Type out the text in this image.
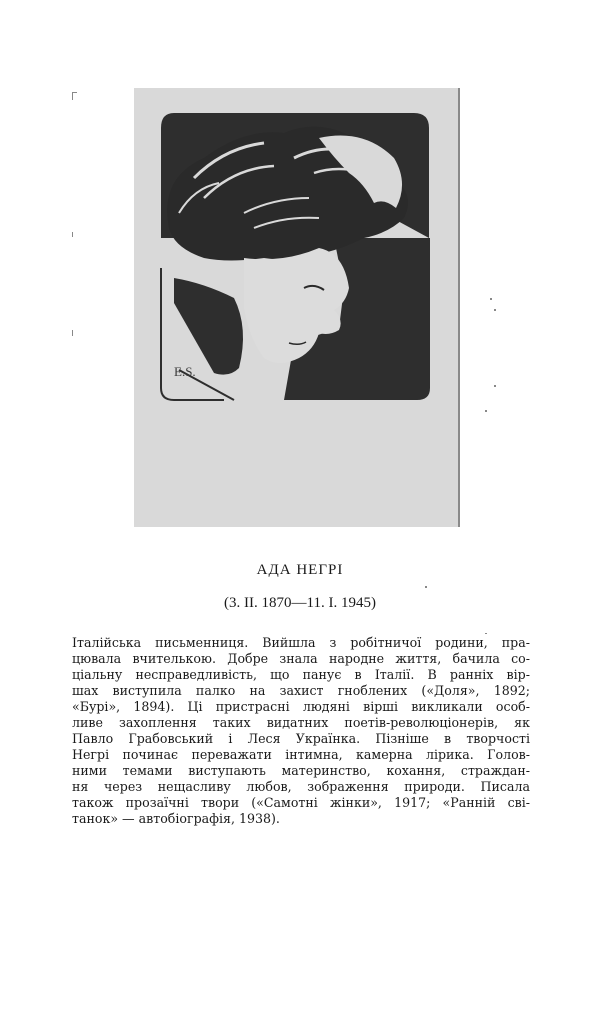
E.S.
АДА НЕГРІ
(3. II. 1870—11. I. 1945)
Італійська письменниця. Вийшла з робітничої родини, пра-
цювала вчителькою. Добре знала народне життя, бачила со-
ціальну несправедливість, що панує в Італії. В ранніх вір-
шах виступила палко на захист гноблених («Доля», 1892;
«Бурі», 1894). Ці пристрасні людяні вірші викликали особ-
ливе захоплення таких видатних поетів-революціонерів, як
Павло Грабовський і Леся Українка. Пізніше в творчості
Негрі починає переважати інтимна, камерна лірика. Голов-
ними темами виступають материнство, кохання, страждан-
ня через нещасливу любов, зображення природи. Писала
також прозаїчні твори («Самотні жінки», 1917; «Ранній сві-
танок» — автобіографія, 1938).
